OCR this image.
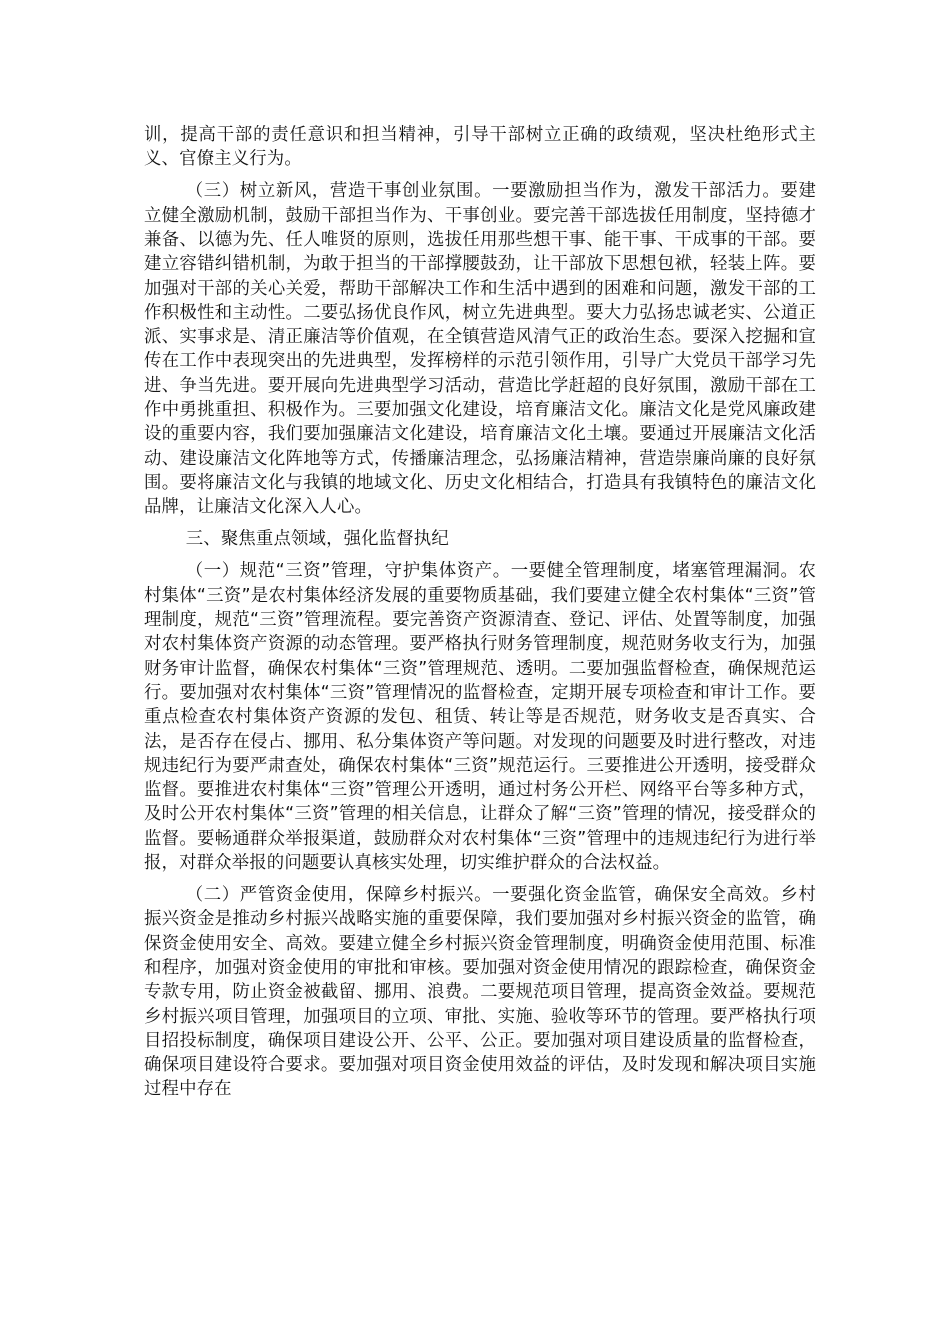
训，提高干部的责任意识和担当精神，引导干部树立正确的政绩观，坚决杜绝形式主义、官僚主义行为。

（三）树立新风，营造干事创业氛围。一要激励担当作为，激发干部活力。要建立健全激励机制，鼓励干部担当作为、干事创业。要完善干部选拔任用制度，坚持德才兼备、以德为先、任人唯贤的原则，选拔任用那些想干事、能干事、干成事的干部。要建立容错纠错机制，为敢于担当的干部撑腰鼓劲，让干部放下思想包袱，轻装上阵。要加强对干部的关心关爱，帮助干部解决工作和生活中遇到的困难和问题，激发干部的工作积极性和主动性。二要弘扬优良作风，树立先进典型。要大力弘扬忠诚老实、公道正派、实事求是、清正廉洁等价值观，在全镇营造风清气正的政治生态。要深入挖掘和宣传在工作中表现突出的先进典型，发挥榜样的示范引领作用，引导广大党员干部学习先进、争当先进。要开展向先进典型学习活动，营造比学赶超的良好氛围，激励干部在工作中勇挑重担、积极作为。三要加强文化建设，培育廉洁文化。廉洁文化是党风廉政建设的重要内容，我们要加强廉洁文化建设，培育廉洁文化土壤。要通过开展廉洁文化活动、建设廉洁文化阵地等方式，传播廉洁理念，弘扬廉洁精神，营造崇廉尚廉的良好氛围。要将廉洁文化与我镇的地域文化、历史文化相结合，打造具有我镇特色的廉洁文化品牌，让廉洁文化深入人心。

三、聚焦重点领域，强化监督执纪

（一）规范“三资”管理，守护集体资产。一要健全管理制度，堵塞管理漏洞。农村集体“三资”是农村集体经济发展的重要物质基础，我们要建立健全农村集体“三资”管理制度，规范“三资”管理流程。要完善资产资源清查、登记、评估、处置等制度，加强对农村集体资产资源的动态管理。要严格执行财务管理制度，规范财务收支行为，加强财务审计监督，确保农村集体“三资”管理规范、透明。二要加强监督检查，确保规范运行。要加强对农村集体“三资”管理情况的监督检查，定期开展专项检查和审计工作。要重点检查农村集体资产资源的发包、租赁、转让等是否规范，财务收支是否真实、合法，是否存在侵占、挪用、私分集体资产等问题。对发现的问题要及时进行整改，对违规违纪行为要严肃查处，确保农村集体“三资”规范运行。三要推进公开透明，接受群众监督。要推进农村集体“三资”管理公开透明，通过村务公开栏、网络平台等多种方式，及时公开农村集体“三资”管理的相关信息，让群众了解“三资”管理的情况，接受群众的监督。要畅通群众举报渠道，鼓励群众对农村集体“三资”管理中的违规违纪行为进行举报，对群众举报的问题要认真核实处理，切实维护群众的合法权益。

（二）严管资金使用，保障乡村振兴。一要强化资金监管，确保安全高效。乡村振兴资金是推动乡村振兴战略实施的重要保障，我们要加强对乡村振兴资金的监管，确保资金使用安全、高效。要建立健全乡村振兴资金管理制度，明确资金使用范围、标准和程序，加强对资金使用的审批和审核。要加强对资金使用情况的跟踪检查，确保资金专款专用，防止资金被截留、挪用、浪费。二要规范项目管理，提高资金效益。要规范乡村振兴项目管理，加强项目的立项、审批、实施、验收等环节的管理。要严格执行项目招投标制度，确保项目建设公开、公平、公正。要加强对项目建设质量的监督检查，确保项目建设符合要求。要加强对项目资金使用效益的评估，及时发现和解决项目实施过程中存在
